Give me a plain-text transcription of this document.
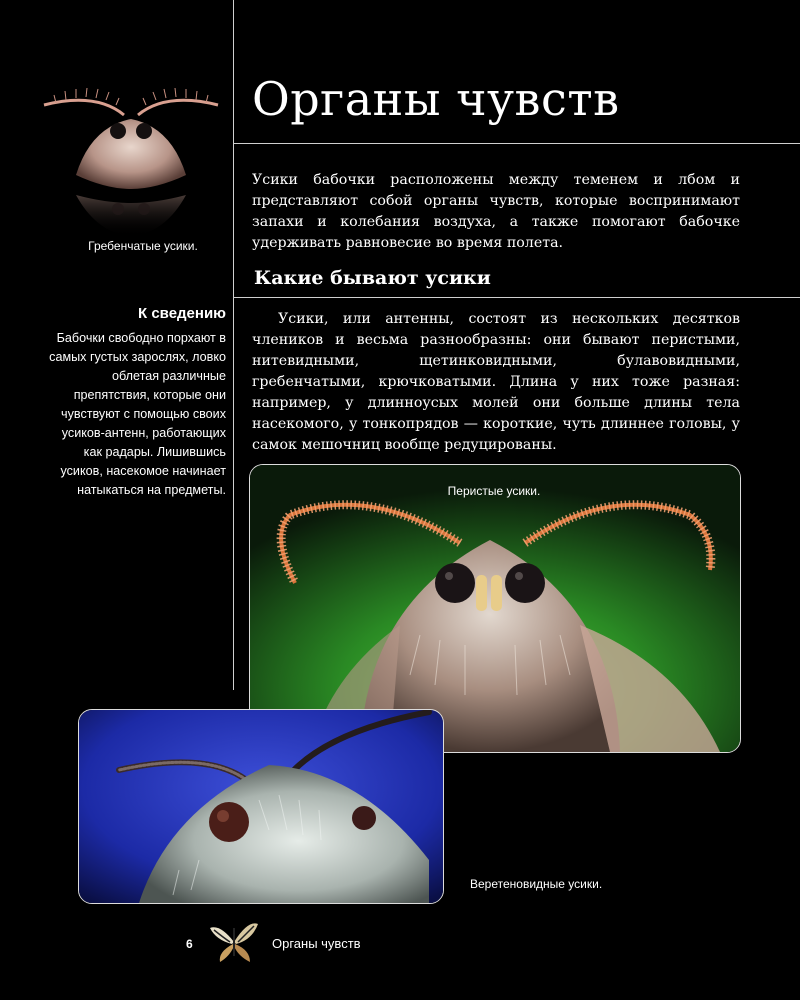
Гребенчатые усики.
Органы чувств

Усики бабочки расположены между теменем и лбом и представляют собой органы чувств, которые воспринимают запахи и колебания воздуха, а также помогают бабочке удерживать равновесие во время полета.

Какие бывают усики

Усики, или антенны, состоят из нескольких десятков члеников и весьма разнообразны: они бывают перистыми, нитевидными, щетинковидными, булавовидными, гребенчатыми, крючковатыми. Длина у них тоже разная: например, у длинноусых молей они больше длины тела насекомого, у тонкопрядов — короткие, чуть длиннее головы, у самок мешочниц вообще редуцированы.

К сведению

Бабочки свободно порхают в самых густых зарослях, ловко облетая различные препятствия, которые они чувствуют с помощью своих усиков-антенн, работающих как радары. Лишившись усиков, насекомое начинает натыкаться на предметы.	Перистые усики.
Веретеновидные усики.
6	Органы чувств
